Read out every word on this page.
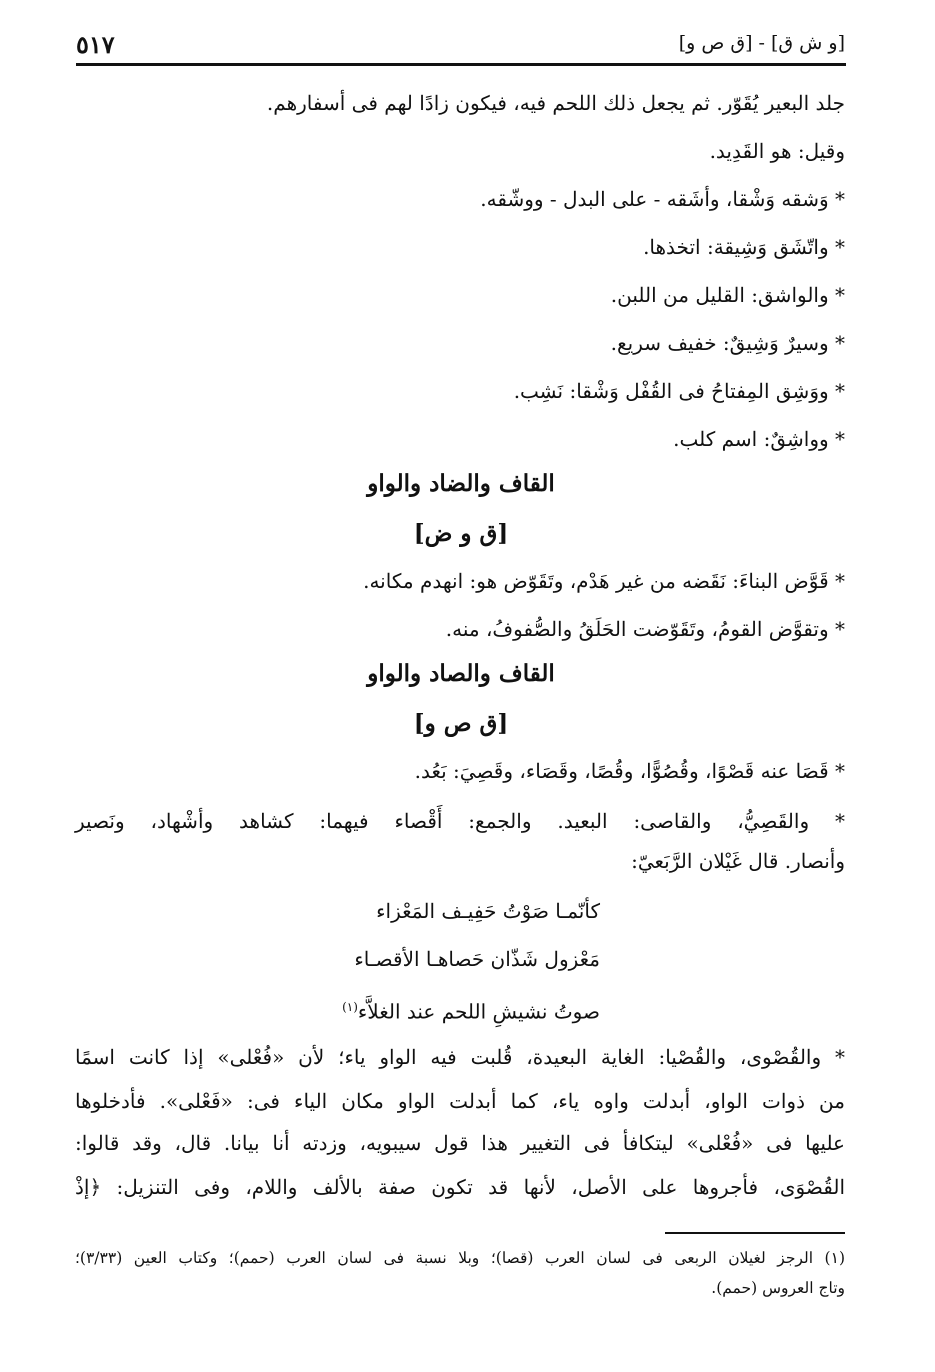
[و ش ق] - [ق ص و]
٥١٧
جلد البعير يُقَوّر. ثم يجعل ذلك اللحم فيه، فيكون زادًا لهم فى أسفارهم.
وقيل: هو القَدِيد.
* وَشقه وَشْقا، وأشَقه - على البدل - ووشّقه.
* واتّشَق وَشِيقة: اتخذها.
* والواشق: القليل من اللبن.
* وسيرٌ وَشِيقٌ: خفيف سريع.
* ووَشِق المِفتاحُ فى القُفْل وَشْقا: نَشِب.
* وواشِقٌ: اسم كلب.
القاف والضاد والواو
[ق و ض]
* قَوَّض البناءَ: نَقَضه من غير هَدْم، وتَقَوّض هو: انهدم مكانه.
* وتقوَّض القومُ، وتَقَوّضت الحَلَقُ والصُّفوفُ، منه.
القاف والصاد والواو
[ق ص و]
* قَصَا عنه قَصْوًا، وقُصُوًّا، وقُصًا، وقَصَاء، وقَصِيَ: بَعُد.
* والقَصِيُّ، والقاصى: البعيد. والجمع: أَقْصاء فيهما: كشاهد وأشْهاد، ونَصير
وأنصار. قال غَيْلان الرَّبَعيّ:
كأنّمـا صَوْتُ حَفِيـف المَعْزاء
مَعْزول شَذّان حَصاهـا الأقصـاء
صوتُ نشيشِ اللحم عند الغلاَّء$^{(١)}$
* والقُصْوى، والقُصْيا: الغاية البعيدة، قُلبت فيه الواو ياء؛ لأن «فُعْلى» إذا كانت اسمًا
من ذوات الواو، أبدلت واوه ياء، كما أبدلت الواو مكان الياء فى: «فَعْلى». فأدخلوها
عليها فى «فُعْلى» ليتكافأ فى التغيير هذا قول سيبويه، وزدته أنا بيانا. قال، وقد قالوا:
القُصْوَى، فأجروها على الأصل، لأنها قد تكون صفة بالألف واللام، وفى التنزيل: ﴿إذْ
(١) الرجز لغيلان الربعى فى لسان العرب (قصا)؛ وبلا نسبة فى لسان العرب (حمم)؛ وكتاب العين (٣/٣٣)؛
وتاج العروس (حمم).
